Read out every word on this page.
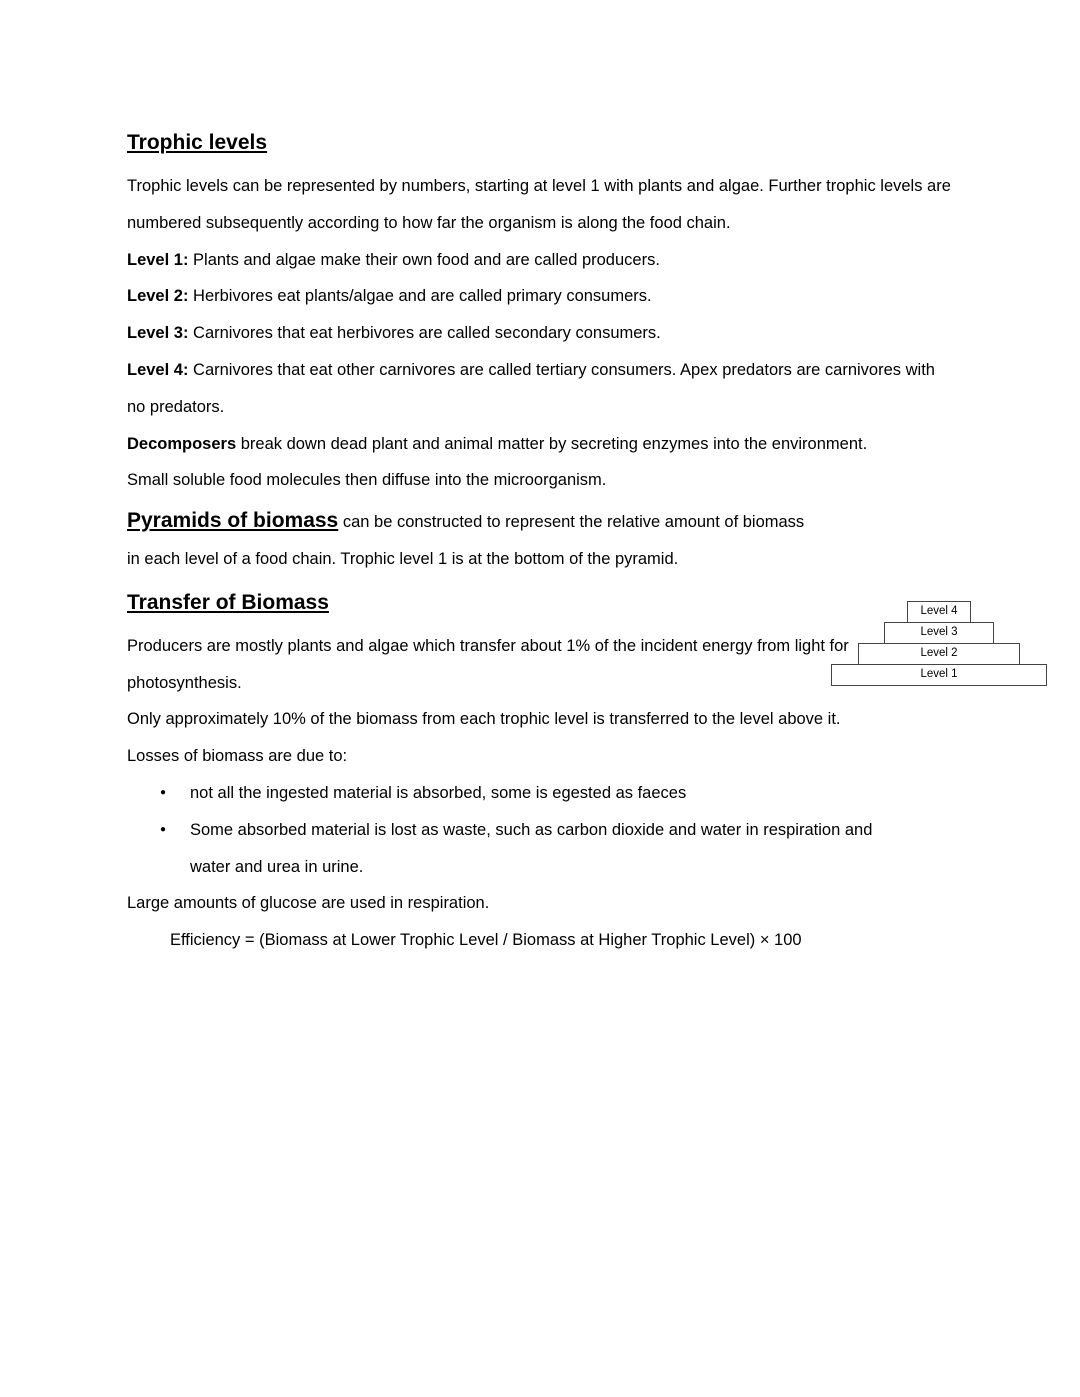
Trophic levels

Trophic levels can be represented by numbers, starting at level 1 with plants and algae. Further trophic levels are numbered subsequently according to how far the organism is along the food chain.

Level 1: Plants and algae make their own food and are called producers.

Level 2: Herbivores eat plants/algae and are called primary consumers.

Level 3: Carnivores that eat herbivores are called secondary consumers.

Level 4: Carnivores that eat other carnivores are called tertiary consumers. Apex predators are carnivores with no predators.

Decomposers break down dead plant and animal matter by secreting enzymes into the environment.

Small soluble food molecules then diffuse into the microorganism.

Pyramids of biomass can be constructed to represent the relative amount of biomass in each level of a food chain. Trophic level 1 is at the bottom of the pyramid.

Transfer of Biomass

Producers are mostly plants and algae which transfer about 1% of the incident energy from light for photosynthesis.

Only approximately 10% of the biomass from each trophic level is transferred to the level above it.

Losses of biomass are due to:

● not all the ingested material is absorbed, some is egested as faeces
● Some absorbed material is lost as waste, such as carbon dioxide and water in respiration and water and urea in urine.

Large amounts of glucose are used in respiration.

Efficiency = (Biomass at Lower Trophic Level / Biomass at Higher Trophic Level) × 100

Level 4
Level 3
Level 2
Level 1
